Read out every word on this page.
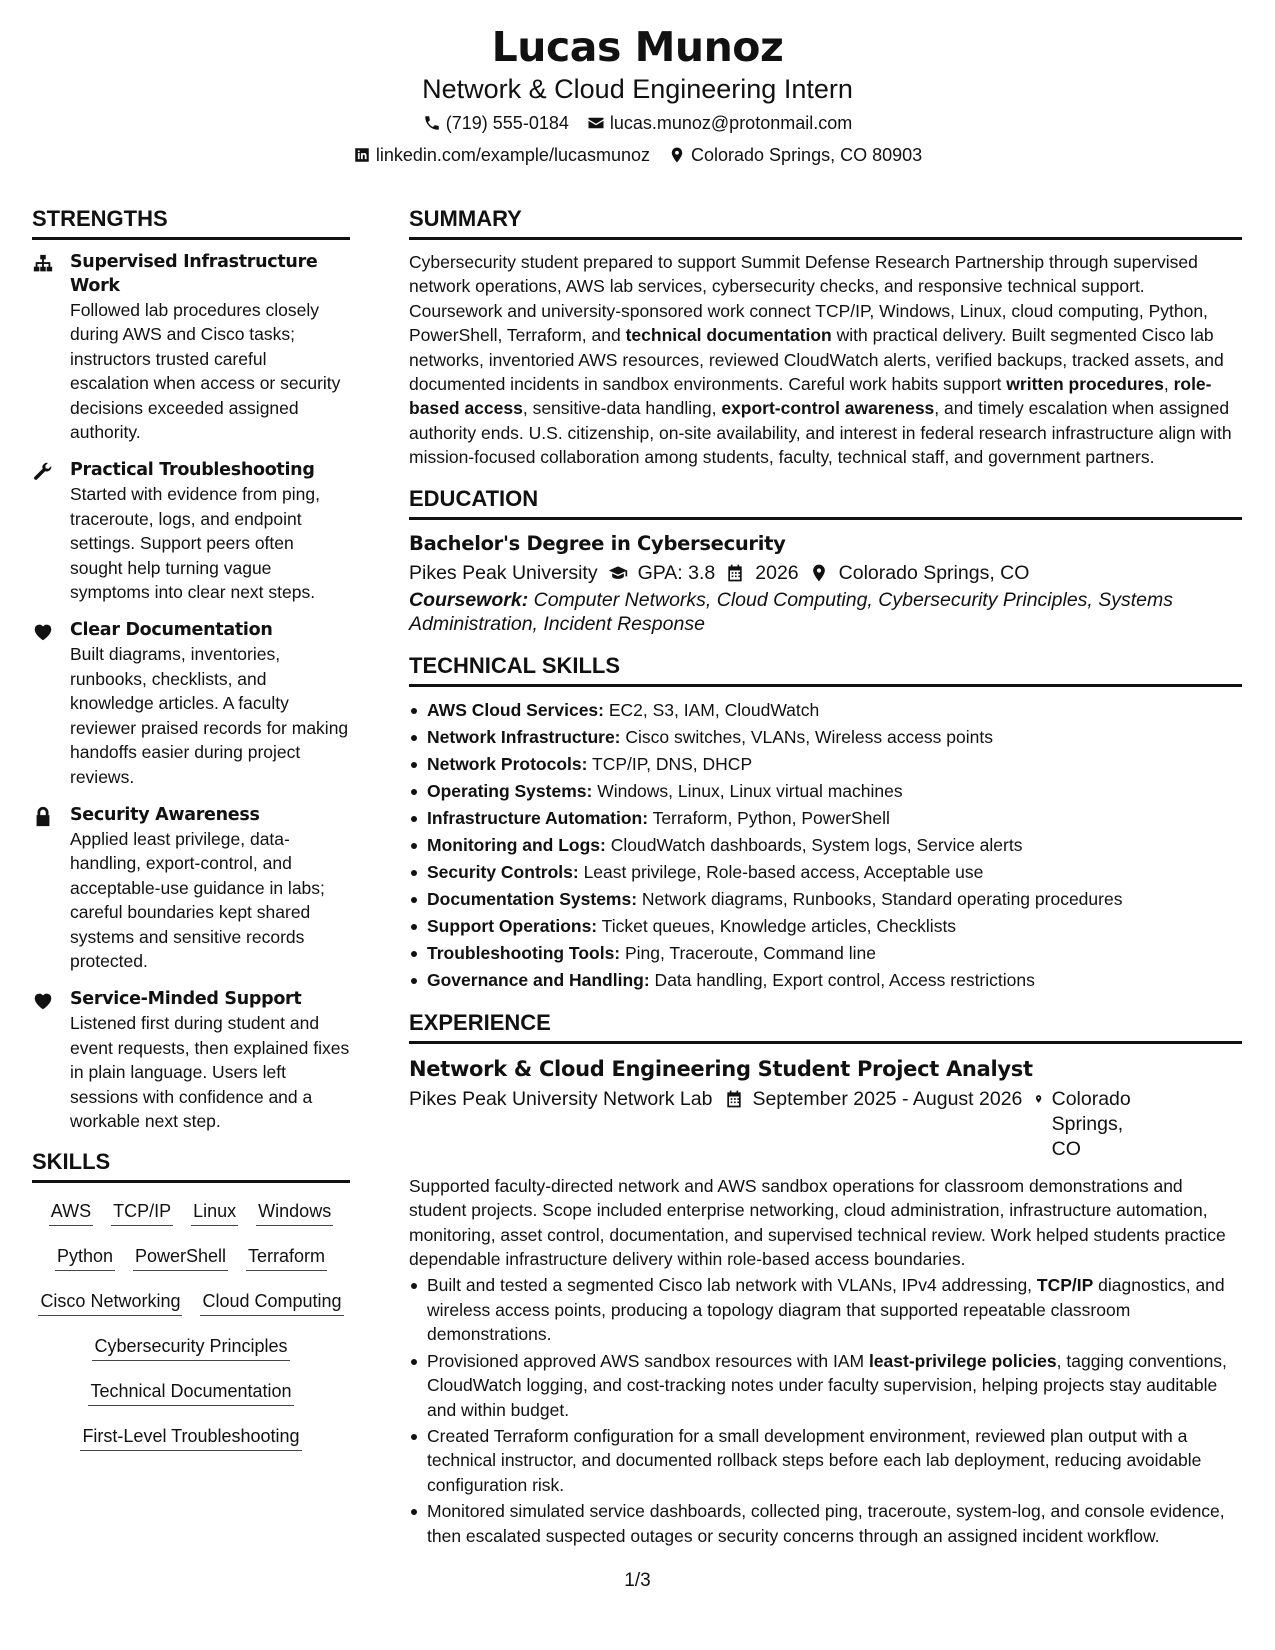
Lucas Munoz
Network & Cloud Engineering Intern
(719) 555-0184 lucas.munoz@protonmail.com
linkedin.com/example/lucasmunoz Colorado Springs, CO 80903
STRENGTHS
Supervised Infrastructure Work
Followed lab procedures closely during AWS and Cisco tasks; instructors trusted careful escalation when access or security decisions exceeded assigned authority.
Practical Troubleshooting
Started with evidence from ping, traceroute, logs, and endpoint settings. Support peers often sought help turning vague symptoms into clear next steps.
Clear Documentation
Built diagrams, inventories, runbooks, checklists, and knowledge articles. A faculty reviewer praised records for making handoffs easier during project reviews.
Security Awareness
Applied least privilege, data-handling, export-control, and acceptable-use guidance in labs; careful boundaries kept shared systems and sensitive records protected.
Service-Minded Support
Listened first during student and event requests, then explained fixes in plain language. Users left sessions with confidence and a workable next step.
SKILLS
AWS TCP/IP Linux Windows
Python PowerShell Terraform
Cisco Networking Cloud Computing
Cybersecurity Principles
Technical Documentation
First-Level Troubleshooting
SUMMARY

Cybersecurity student prepared to support Summit Defense Research Partnership through supervised network operations, AWS lab services, cybersecurity checks, and responsive technical support. Coursework and university-sponsored work connect TCP/IP, Windows, Linux, cloud computing, Python, PowerShell, Terraform, and technical documentation with practical delivery. Built segmented Cisco lab networks, inventoried AWS resources, reviewed CloudWatch alerts, verified backups, tracked assets, and documented incidents in sandbox environments. Careful work habits support written procedures, role-based access, sensitive-data handling, export-control awareness, and timely escalation when assigned authority ends. U.S. citizenship, on-site availability, and interest in federal research infrastructure align with mission-focused collaboration among students, faculty, technical staff, and government partners.

EDUCATION
Bachelor's Degree in Cybersecurity
Pikes Peak University GPA: 3.8 2026 Colorado Springs, CO
Coursework: Computer Networks, Cloud Computing, Cybersecurity Principles, Systems Administration, Incident Response
TECHNICAL SKILLS
AWS Cloud Services: EC2, S3, IAM, CloudWatch
Network Infrastructure: Cisco switches, VLANs, Wireless access points
Network Protocols: TCP/IP, DNS, DHCP
Operating Systems: Windows, Linux, Linux virtual machines
Infrastructure Automation: Terraform, Python, PowerShell
Monitoring and Logs: CloudWatch dashboards, System logs, Service alerts
Security Controls: Least privilege, Role-based access, Acceptable use
Documentation Systems: Network diagrams, Runbooks, Standard operating procedures
Support Operations: Ticket queues, Knowledge articles, Checklists
Troubleshooting Tools: Ping, Traceroute, Command line
Governance and Handling: Data handling, Export control, Access restrictions
EXPERIENCE
Network & Cloud Engineering Student Project Analyst
Pikes Peak University Network Lab September 2025 - August 2026 Colorado Springs, CO
Supported faculty-directed network and AWS sandbox operations for classroom demonstrations and student projects. Scope included enterprise networking, cloud administration, infrastructure automation, monitoring, asset control, documentation, and supervised technical review. Work helped students practice dependable infrastructure delivery within role-based access boundaries.
Built and tested a segmented Cisco lab network with VLANs, IPv4 addressing, TCP/IP diagnostics, and wireless access points, producing a topology diagram that supported repeatable classroom demonstrations.
Provisioned approved AWS sandbox resources with IAM least-privilege policies, tagging conventions, CloudWatch logging, and cost-tracking notes under faculty supervision, helping projects stay auditable and within budget.
Created Terraform configuration for a small development environment, reviewed plan output with a technical instructor, and documented rollback steps before each lab deployment, reducing avoidable configuration risk.
Monitored simulated service dashboards, collected ping, traceroute, system-log, and console evidence, then escalated suspected outages or security concerns through an assigned incident workflow.
1/3
